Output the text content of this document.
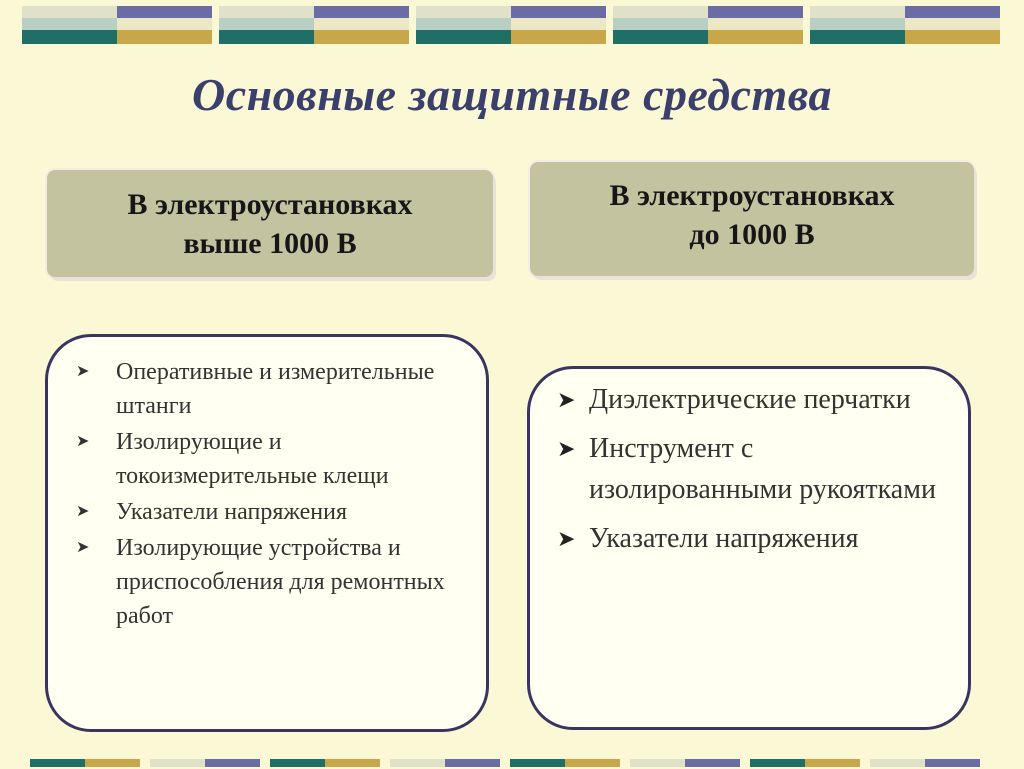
Основные защитные средства
В электроустановках
выше 1000 В
В электроустановках
до 1000 В
➤	Оперативные и измерительные штанги
➤	Изолирующие и токоизмерительные клещи
➤	Указатели напряжения
➤	Изолирующие устройства и приспособления для ремонтных работ
➤ Диэлектрические перчатки
➤ Инструмент с изолированными рукоятками
➤ Указатели напряжения
